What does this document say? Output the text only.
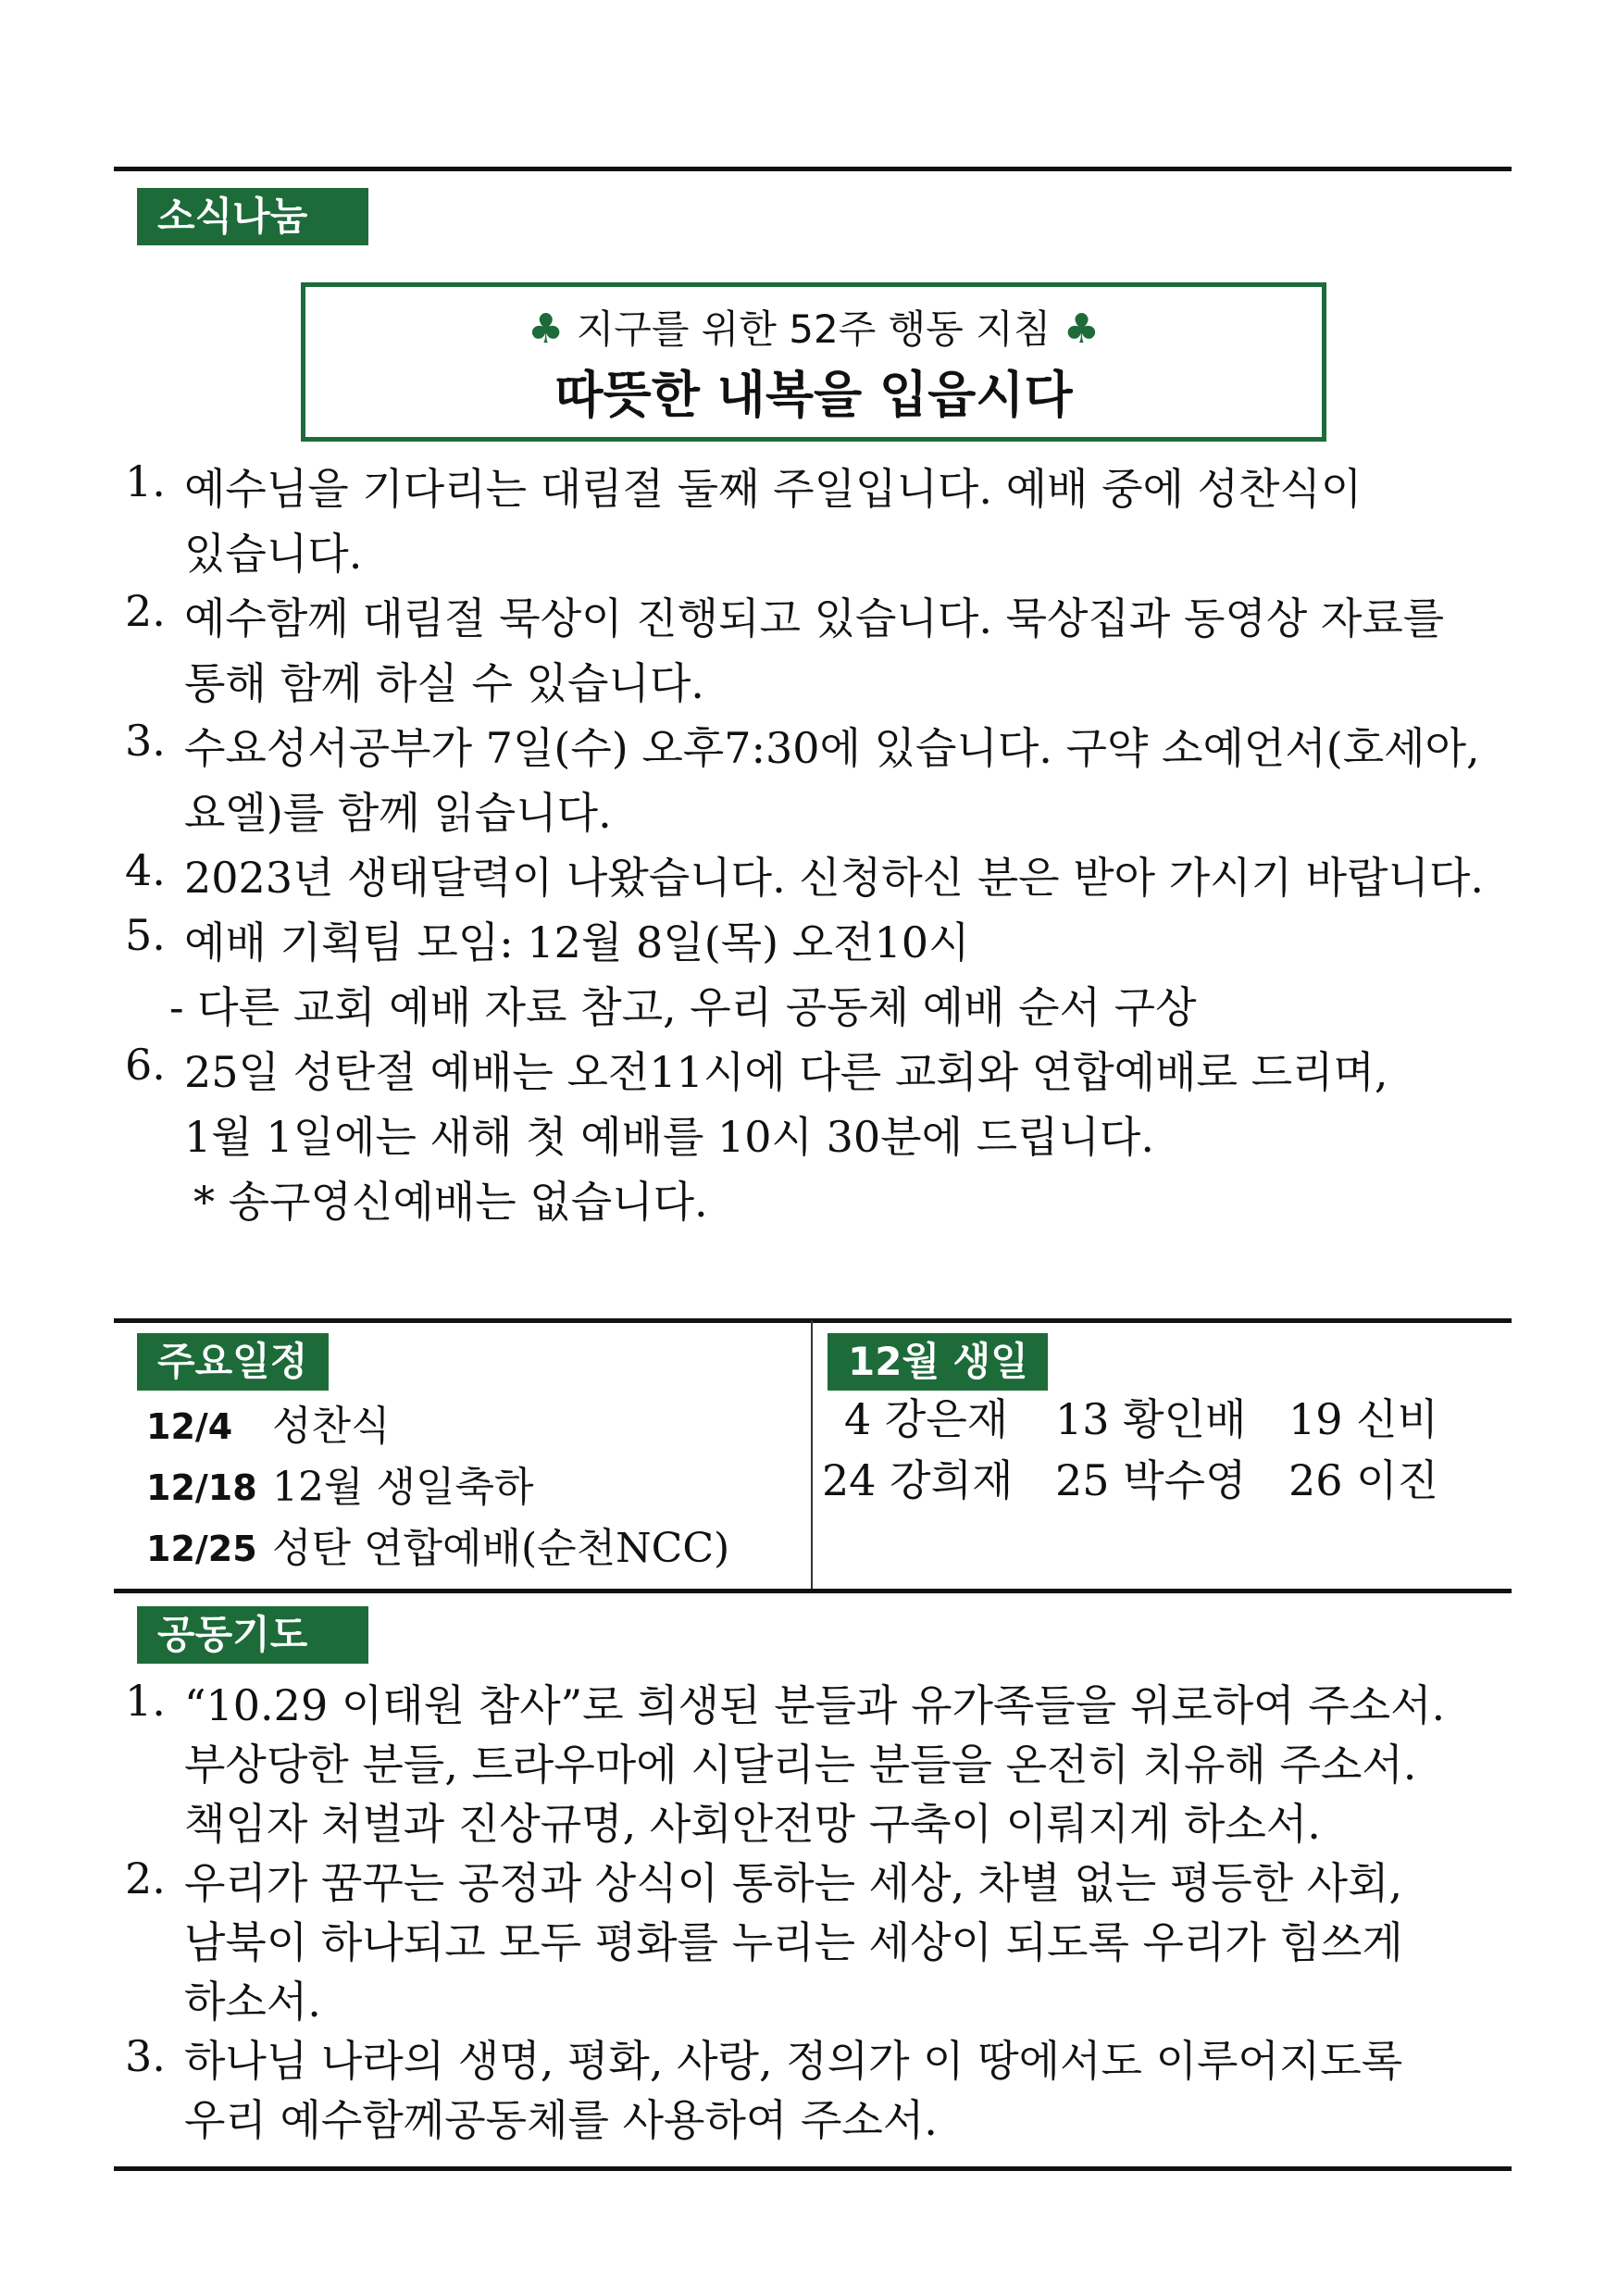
소식나눔
♣ 지구를 위한 52주 행동 지침 ♣
따뜻한 내복을 입읍시다
1. 예수님을 기다리는 대림절 둘째 주일입니다. 예배 중에 성찬식이
있습니다.
2. 예수함께 대림절 묵상이 진행되고 있습니다. 묵상집과 동영상 자료를
통해 함께 하실 수 있습니다.
3. 수요성서공부가 7일(수) 오후7:30에 있습니다. 구약 소예언서(호세아,
요엘)를 함께 읽습니다.
4. 2023년 생태달력이 나왔습니다. 신청하신 분은 받아 가시기 바랍니다.
5. 예배 기획팀 모임: 12월 8일(목) 오전10시
- 다른 교회 예배 자료 참고, 우리 공동체 예배 순서 구상
6. 25일 성탄절 예배는 오전11시에 다른 교회와 연합예배로 드리며,
1월 1일에는 새해 첫 예배를 10시 30분에 드립니다.
* 송구영신예배는 없습니다.
주요일정	12월 생일
12/4 성찬식
12/18 12월 생일축하
12/25 성탄 연합예배(순천NCC)
4 강은재	13 황인배 19 신비
24 강희재 25 박수영 26 이진
공동기도
1. “10.29 이태원 참사”로 희생된 분들과 유가족들을 위로하여 주소서.
부상당한 분들, 트라우마에 시달리는 분들을 온전히 치유해 주소서.
책임자 처벌과 진상규명, 사회안전망 구축이 이뤄지게 하소서.
2. 우리가 꿈꾸는 공정과 상식이 통하는 세상, 차별 없는 평등한 사회,
남북이 하나되고 모두 평화를 누리는 세상이 되도록 우리가 힘쓰게
하소서.
3. 하나님 나라의 생명, 평화, 사랑, 정의가 이 땅에서도 이루어지도록
우리 예수함께공동체를 사용하여 주소서.
